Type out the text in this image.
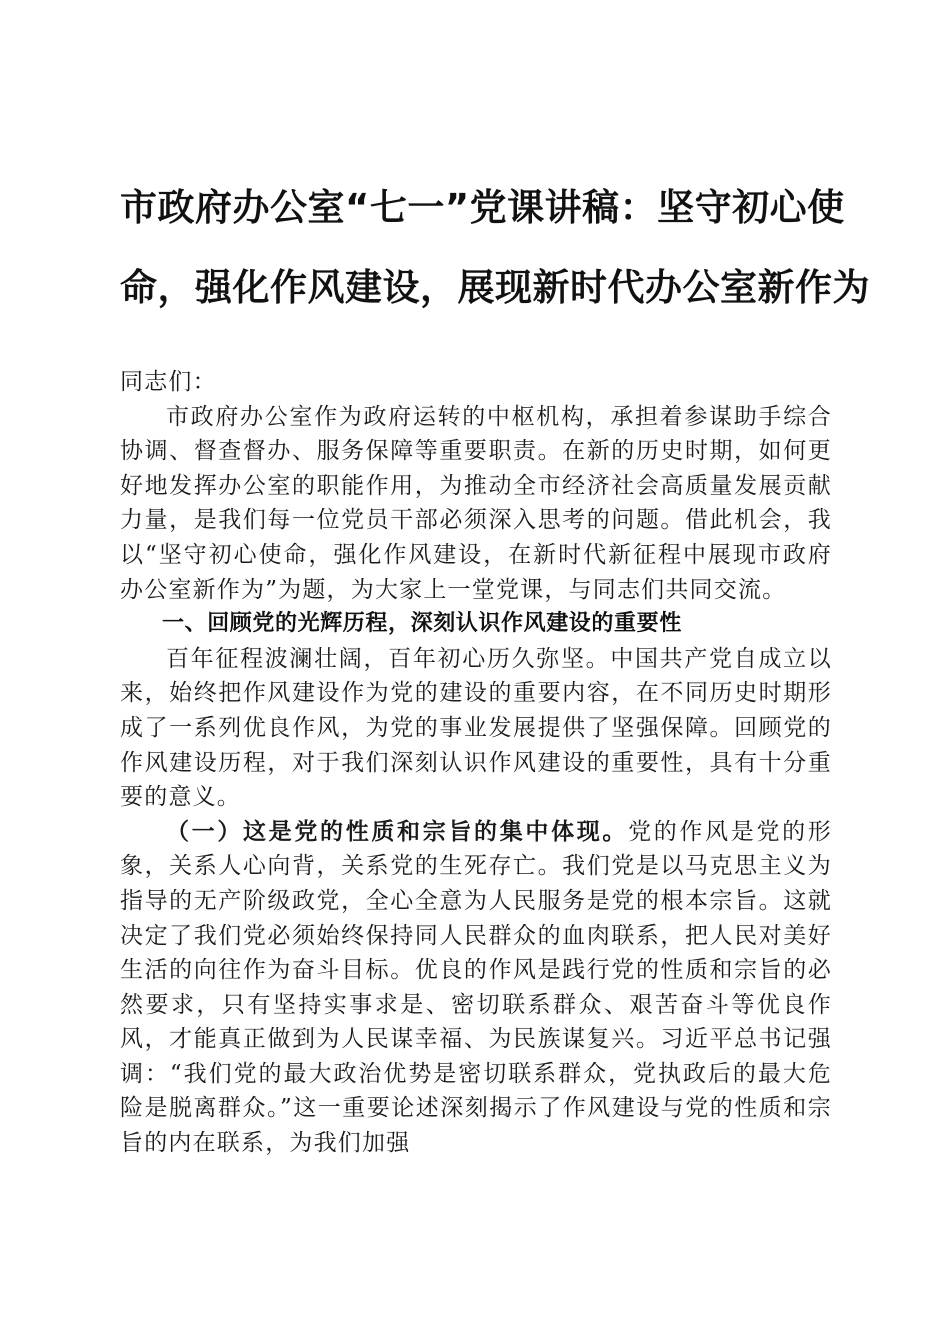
市政府办公室“七一”党课讲稿：坚守初心使
命，强化作风建设，展现新时代办公室新作为

同志们：

市政府办公室作为政府运转的中枢机构，承担着参谋助手综合协调、督查督办、服务保障等重要职责。在新的历史时期，如何更好地发挥办公室的职能作用，为推动全市经济社会高质量发展贡献力量，是我们每一位党员干部必须深入思考的问题。借此机会，我以“坚守初心使命，强化作风建设，在新时代新征程中展现市政府办公室新作为”为题，为大家上一堂党课，与同志们共同交流。

一、回顾党的光辉历程，深刻认识作风建设的重要性

百年征程波澜壮阔，百年初心历久弥坚。中国共产党自成立以来，始终把作风建设作为党的建设的重要内容，在不同历史时期形成了一系列优良作风，为党的事业发展提供了坚强保障。回顾党的作风建设历程，对于我们深刻认识作风建设的重要性，具有十分重要的意义。

（一）这是党的性质和宗旨的集中体现。党的作风是党的形象，关系人心向背，关系党的生死存亡。我们党是以马克思主义为指导的无产阶级政党，全心全意为人民服务是党的根本宗旨。这就决定了我们党必须始终保持同人民群众的血肉联系，把人民对美好生活的向往作为奋斗目标。优良的作风是践行党的性质和宗旨的必然要求，只有坚持实事求是、密切联系群众、艰苦奋斗等优良作风，才能真正做到为人民谋幸福、为民族谋复兴。习近平总书记强调：“我们党的最大政治优势是密切联系群众，党执政后的最大危险是脱离群众。”这一重要论述深刻揭示了作风建设与党的性质和宗旨的内在联系，为我们加强
